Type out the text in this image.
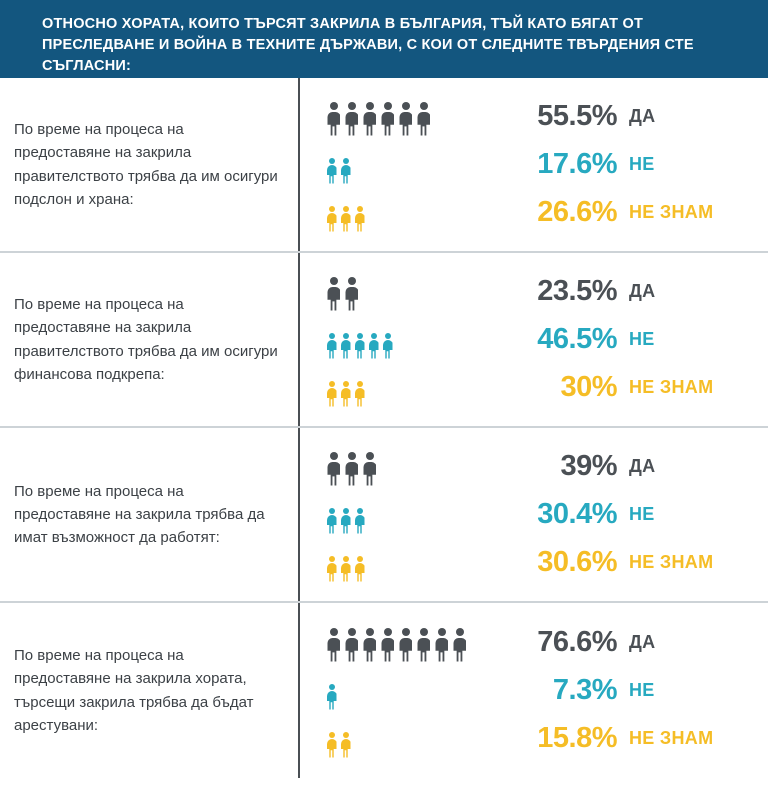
ОТНОСНО ХОРАТА, КОИТО ТЪРСЯТ ЗАКРИЛА В БЪЛГАРИЯ, ТЪЙ КАТО БЯГАТ ОТ ПРЕСЛЕДВАНЕ И ВОЙНА В ТЕХНИТЕ ДЪРЖАВИ, С КОИ ОТ СЛЕДНИТЕ ТВЪРДЕНИЯ СТЕ СЪГЛАСНИ:
По време на процеса на предоставяне на закрила правителството трябва да им осигури подслон и храна:
55.5% ДА
17.6% НЕ
26.6% НЕ ЗНАМ
По време на процеса на предоставяне на закрила правителството трябва да им осигури финансова подкрепа:
23.5% ДА
46.5% НЕ
30% НЕ ЗНАМ
По време на процеса на предоставяне на закрила трябва да имат възможност да работят:
39% ДА
30.4% НЕ
30.6% НЕ ЗНАМ
По време на процеса на предоставяне на закрила хората, търсещи закрила трябва да бъдат арестувани:
76.6% ДА
7.3% НЕ
15.8% НЕ ЗНАМ
